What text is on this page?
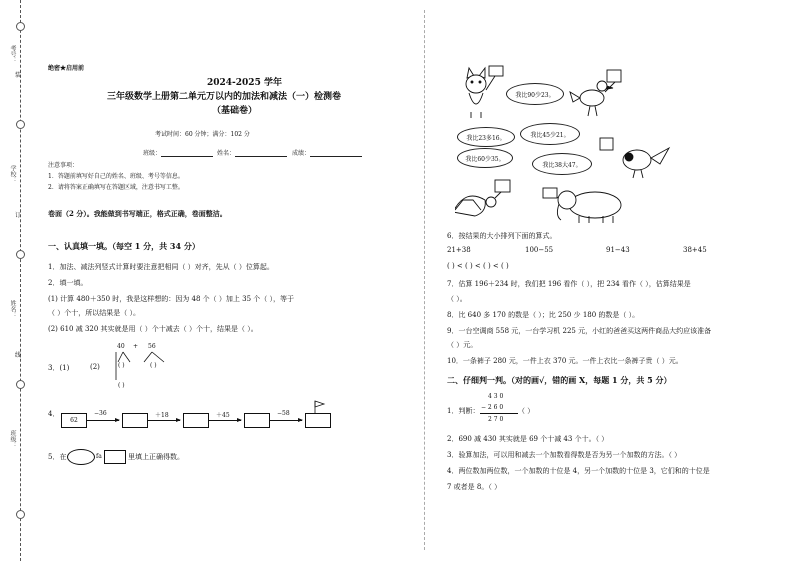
考号：
学校：
姓名：
班级：
装
订
线
绝密★启用前
2024-2025 学年
三年级数学上册第二单元万以内的加法和减法（一）检测卷
（基础卷）
考试时间：60 分钟；满分：102 分
班级：	姓名：	成绩：
注意事项：
1．答题前填写好自己的姓名、班级、考号等信息。
2．请将答案正确填写在答题区域，注意书写工整。
卷面（2 分）。我能做到书写端正，格式正确，卷面整洁。
一、认真填一填。（每空 1 分，共 34 分）
1．加法、减法列竖式计算时要注意把相同（ ）对齐，先从（ ）位算起。
2．填一填。
(1) 计算 480＋350 时，我是这样想的：因为 48 个（ ）加上 35 个（ ），等于
（ ）个十，所以结果是（ ）。
(2) 610 减 320 其实就是用（ ）个十减去（ ）个十，结果是（ ）。
3．(1)	(2)
40 + 56
( )	( )
( )
4．
62
−36	＋18	＋45	−58
5．在	fa	里填上正确得数。
我比90少23。
我比23多16。	我比45少21。
我比60少35。
我比38大47。
6．按结果的大小排列下面的算式。
21+38	100−55	91−43	38+45
( ) < ( ) < ( ) < ( )
7．估算 196＋234 时，我们把 196 看作（ ），把 234 看作（ ），估算结果是
（ ）。
8．比 640 多 170 的数是（ ）；比 250 少 180 的数是（ ）。
9．一台空调商 558 元，一台学习机 225 元，小红的爸爸买这两件商品大约应该准备
（ ）元。
10．一条裤子 280 元，一件上衣 370 元。一件上衣比一条裤子贵（ ）元。
二、仔细判一判。（对的画√，错的画 X，每题 1 分，共 5 分）
1．判断：
4 3 0
− 2 6 0
2 7 0
（ ）
2．690 减 430 其实就是 69 个十减 43 个十。（ ）
3．验算加法，可以用和减去一个加数看得数是否为另一个加数的方法。（ ）
4．两位数加两位数，一个加数的十位是 4，另一个加数的十位是 3，它们和的十位是
7 或者是 8。（ ）
